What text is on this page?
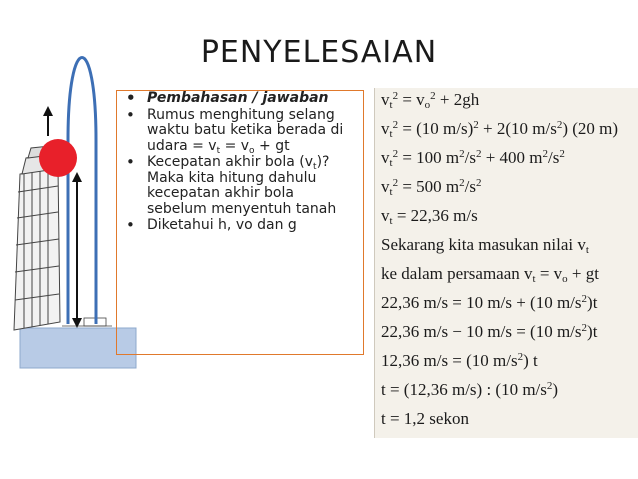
PENYELESAIAN
• Pembahasan / jawaban
• Rumus menghitung selang waktu batu ketika berada di udara = $v_t = v_o$ + gt
• Kecepatan akhir bola $(v_t)$? Maka kita hitung dahulu kecepatan akhir bola sebelum menyentuh tanah
• Diketahui h, vo dan g
$v_t^2 = v_o^2 + 2gh$
$v_t^2 = (10$ m/s)$^2$ + 2(10 $m/s^2$) (20 m)
$v_t^2 = 100$ $m^2/s^2 + 400$ $m^2/s^2$
$v_t^2 = 500$ $m^2/s^2$
$v_t = 22,36$ m/s
Sekarang kita masukan nilai $v_t$
ke dalam persamaan $v_t = v_o$ + gt
22,36 m/s = 10 m/s + (10 $m/s^2)t$
22,36 m/s − 10 m/s = (10 $m/s^2)t$
12,36 m/s = (10 $m/s^2$) t
t = (12,36 m/s) : (10 $m/s^2$)
t = 1,2 sekon
